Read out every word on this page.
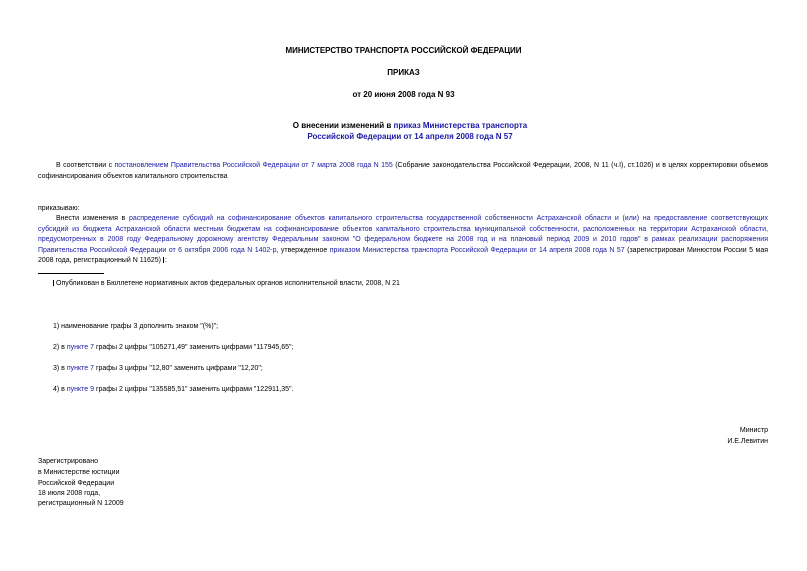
МИНИСТЕРСТВО ТРАНСПОРТА РОССИЙСКОЙ ФЕДЕРАЦИИ
ПРИКАЗ
от 20 июня 2008 года N 93
О внесении изменений в приказ Министерства транспорта
Российской Федерации от 14 апреля 2008 года N 57
В соответствии с постановлением Правительства Российской Федерации от 7 марта 2008 года N 155 (Собрание законодательства Российской Федерации, 2008, N 11 (ч.I), ст.1026) и в целях корректировки объемов софинансирования объектов капитального строительства
приказываю:
Внести изменения в распределение субсидий на софинансирование объектов капитального строительства государственной собственности Астраханской области и (или) на предоставление соответствующих субсидий из бюджета Астраханской области местным бюджетам на софинансирование объектов капитального строительства муниципальной собственности, расположенных на территории Астраханской области, предусмотренных в 2008 году Федеральному дорожному агентству Федеральным законом "О федеральном бюджете на 2008 год и на плановый период 2009 и 2010 годов" в рамках реализации распоряжения Правительства Российской Федерации от 6 октября 2006 года N 1402-р, утвержденное приказом Министерства транспорта Российской Федерации от 14 апреля 2008 года N 57 (зарегистрирован Минюстом России 5 мая 2008 года, регистрационный N 11625) :
Опубликован в Бюллетене нормативных актов федеральных органов исполнительной власти, 2008, N 21
1) наименование графы 3 дополнить знаком "(%)";
2) в пункте 7 графы 2 цифры "105271,49" заменить цифрами "117945,65";
3) в пункте 7 графы 3 цифры "12,80" заменить цифрами "12,20";
4) в пункте 9 графы 2 цифры "135585,51" заменить цифрами "122911,35".
Министр
И.Е.Левитин
Зарегистрировано
в Министерстве юстиции
Российской Федерации
18 июля 2008 года,
регистрационный N 12009
